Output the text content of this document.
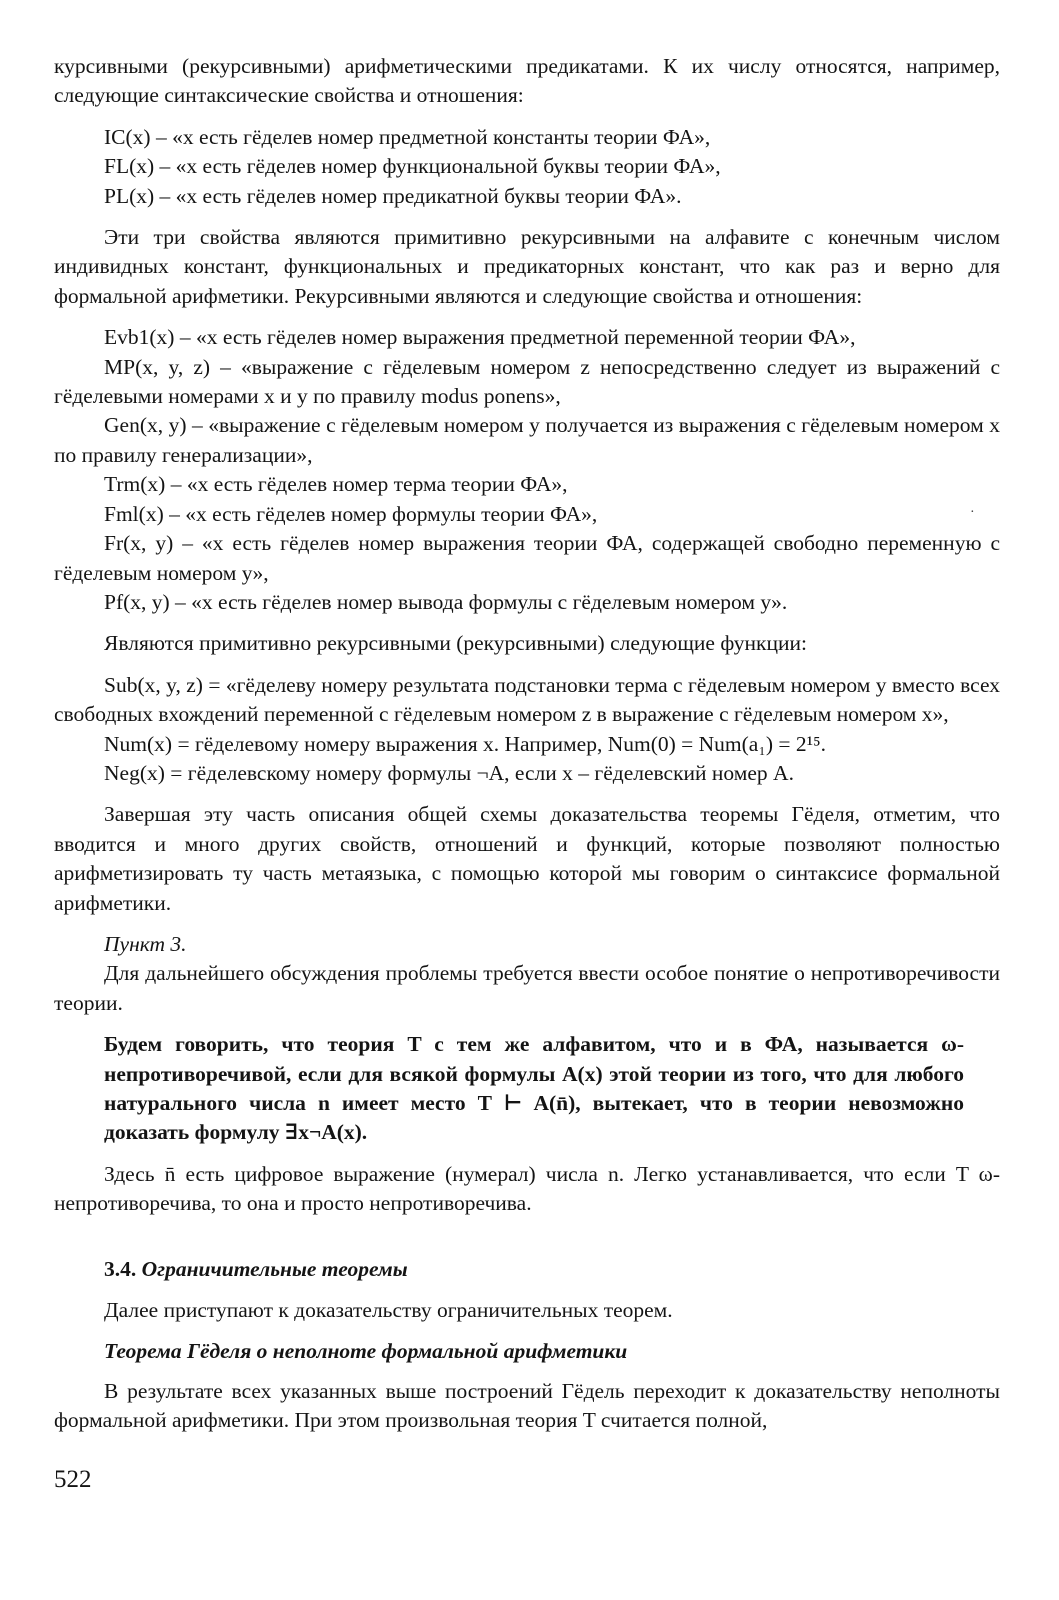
курсивными (рекурсивными) арифметическими предикатами. К их числу относятся, например, следующие синтаксические свойства и отношения:

IC(x) – «x есть гёделев номер предметной константы теории ФА»,

FL(x) – «x есть гёделев номер функциональной буквы теории ФА»,

PL(x) – «x есть гёделев номер предикатной буквы теории ФА».

Эти три свойства являются примитивно рекурсивными на алфавите с конечным числом индивидных констант, функциональных и предикаторных констант, что как раз и верно для формальной арифметики. Рекурсивными являются и следующие свойства и отношения:

Evb1(x) – «x есть гёделев номер выражения предметной переменной теории ФА»,

MP(x, y, z) – «выражение с гёделевым номером z непосредственно следует из выражений с гёделевыми номерами x и y по правилу modus ponens»,

Gen(x, y) – «выражение с гёделевым номером y получается из выражения с гёделевым номером x по правилу генерализации»,

Trm(x) – «x есть гёделев номер терма теории ФА»,

Fml(x) – «x есть гёделев номер формулы теории ФА»,

Fr(x, y) – «x есть гёделев номер выражения теории ФА, содержащей свободно переменную с гёделевым номером y»,

Pf(x, y) – «x есть гёделев номер вывода формулы с гёделевым номером y».

Являются примитивно рекурсивными (рекурсивными) следующие функции:

Sub(x, y, z) = «гёделеву номеру результата подстановки терма с гёделевым номером y вместо всех свободных вхождений переменной с гёделевым номером z в выражение с гёделевым номером x»,

Num(x) = гёделевому номеру выражения x. Например, Num(0) = Num(a₁) = 2¹⁵.

Neg(x) = гёделевскому номеру формулы ¬A, если x – гёделевский номер A.

Завершая эту часть описания общей схемы доказательства теоремы Гёделя, отметим, что вводится и много других свойств, отношений и функций, которые позволяют полностью арифметизировать ту часть метаязыка, с помощью которой мы говорим о синтаксисе формальной арифметики.

Пункт 3.

Для дальнейшего обсуждения проблемы требуется ввести особое понятие о непротиворечивости теории.

Будем говорить, что теория T с тем же алфавитом, что и в ФА, называется ω-непротиворечивой, если для всякой формулы A(x) этой теории из того, что для любого натурального числа n имеет место T ⊢ A(n̄), вытекает, что в теории невозможно доказать формулу ∃x¬A(x).

Здесь n̄ есть цифровое выражение (нумерал) числа n. Легко устанавливается, что если T ω-непротиворечива, то она и просто непротиворечива.

3.4. Ограничительные теоремы

Далее приступают к доказательству ограничительных теорем.

Теорема Гёделя о неполноте формальной арифметики

В результате всех указанных выше построений Гёдель переходит к доказательству неполноты формальной арифметики. При этом произвольная теория T считается полной,

·
522
